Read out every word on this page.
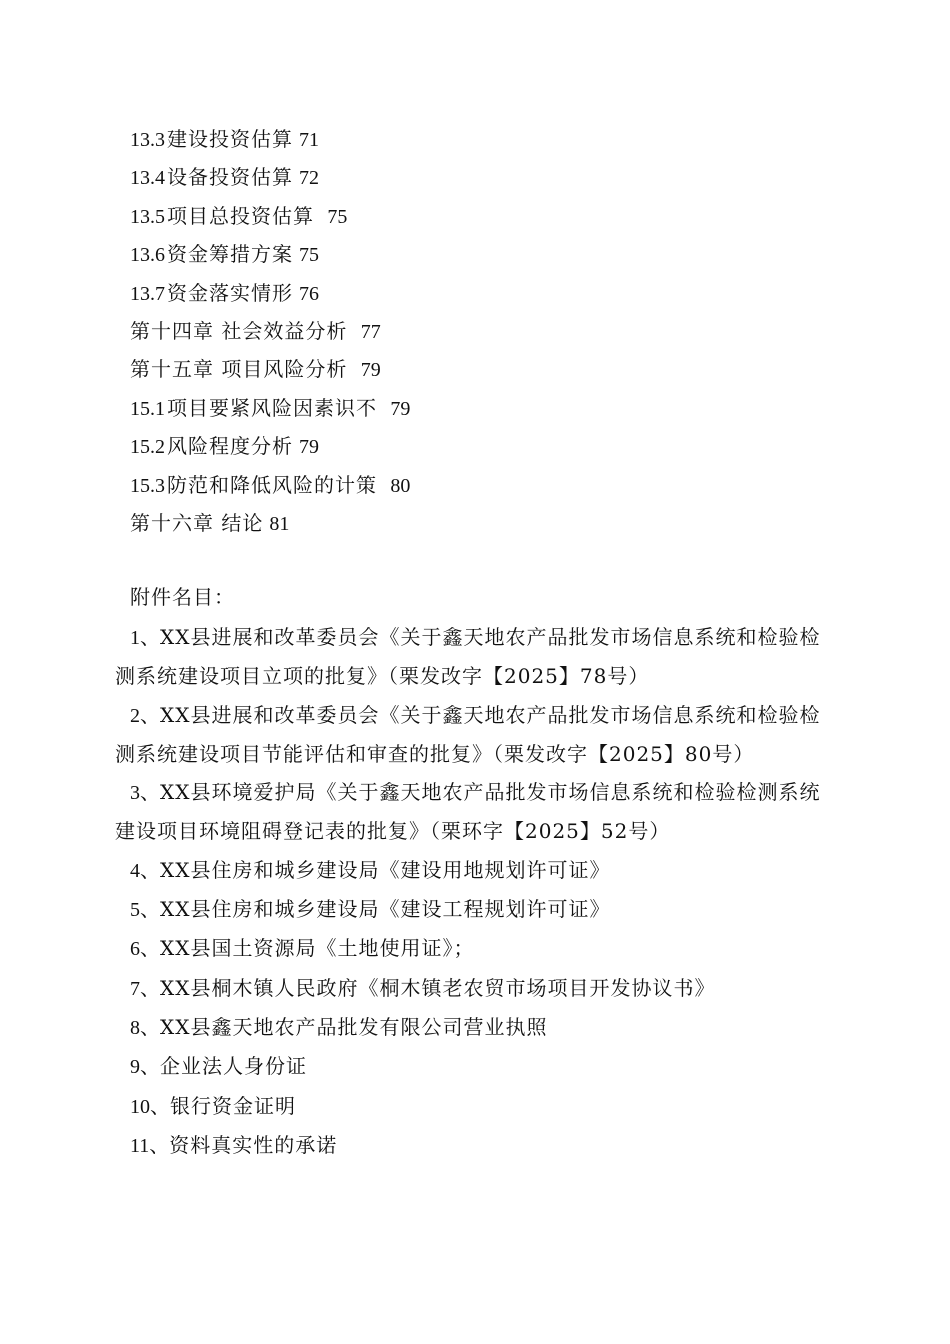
13.3 建设投资估算 71
13.4 设备投资估算 72
13.5 项目总投资估算 75
13.6 资金筹措方案 75
13.7 资金落实情形 76
第十四章 社会效益分析 77
第十五章 项目风险分析 79
15.1 项目要紧风险因素识不 79
15.2 风险程度分析 79
15.3 防范和降低风险的计策 80
第十六章 结论 81
附件名目：
1、XX县进展和改革委员会《关于鑫天地农产品批发市场信息系统和检验检测系统建设项目立项的批复》（栗发改字【2025】78号）
2、XX县进展和改革委员会《关于鑫天地农产品批发市场信息系统和检验检测系统建设项目节能评估和审查的批复》（栗发改字【2025】80号）
3、XX县环境爱护局《关于鑫天地农产品批发市场信息系统和检验检测系统建设项目环境阻碍登记表的批复》（栗环字【2025】52号）
4、XX县住房和城乡建设局《建设用地规划许可证》
5、XX县住房和城乡建设局《建设工程规划许可证》
6、XX县国土资源局《土地使用证》；
7、XX县桐木镇人民政府《桐木镇老农贸市场项目开发协议书》
8、XX县鑫天地农产品批发有限公司营业执照
9、企业法人身份证
10、银行资金证明
11、资料真实性的承诺
